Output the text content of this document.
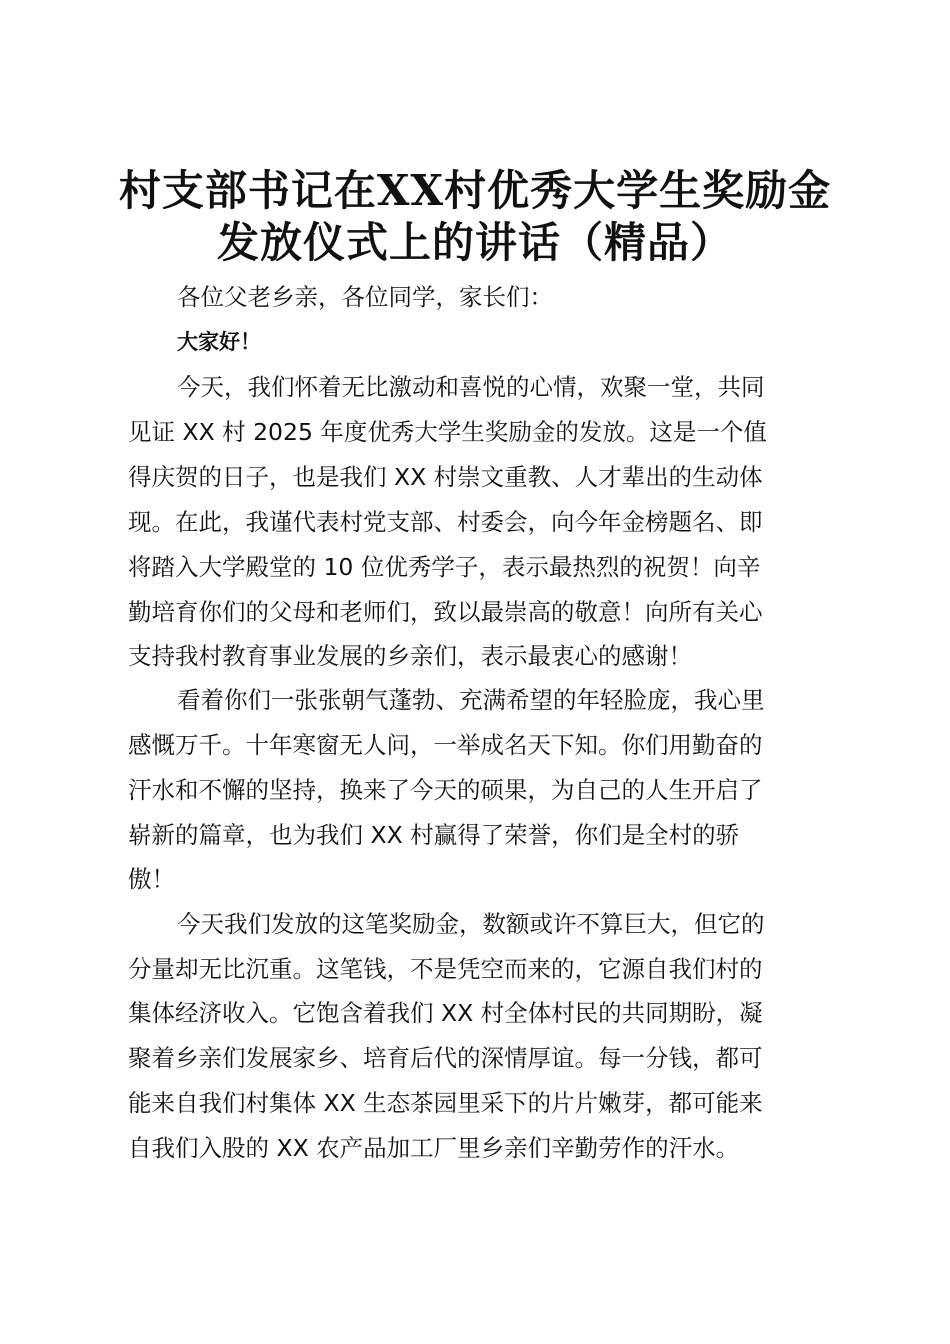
村支部书记在XX村优秀大学生奖励金
发放仪式上的讲话（精品）
各位父老乡亲，各位同学，家长们：
大家好！
今天，我们怀着无比激动和喜悦的心情，欢聚一堂，共同
见证 XX 村 2025 年度优秀大学生奖励金的发放。这是一个值
得庆贺的日子，也是我们 XX 村崇文重教、人才辈出的生动体
现。在此，我谨代表村党支部、村委会，向今年金榜题名、即
将踏入大学殿堂的 10 位优秀学子，表示最热烈的祝贺！向辛
勤培育你们的父母和老师们，致以最崇高的敬意！向所有关心
支持我村教育事业发展的乡亲们，表示最衷心的感谢！
看着你们一张张朝气蓬勃、充满希望的年轻脸庞，我心里
感慨万千。十年寒窗无人问，一举成名天下知。你们用勤奋的
汗水和不懈的坚持，换来了今天的硕果，为自己的人生开启了
崭新的篇章，也为我们 XX 村赢得了荣誉，你们是全村的骄
傲！
今天我们发放的这笔奖励金，数额或许不算巨大，但它的
分量却无比沉重。这笔钱，不是凭空而来的，它源自我们村的
集体经济收入。它饱含着我们 XX 村全体村民的共同期盼，凝
聚着乡亲们发展家乡、培育后代的深情厚谊。每一分钱，都可
能来自我们村集体 XX 生态茶园里采下的片片嫩芽，都可能来
自我们入股的 XX 农产品加工厂里乡亲们辛勤劳作的汗水。
